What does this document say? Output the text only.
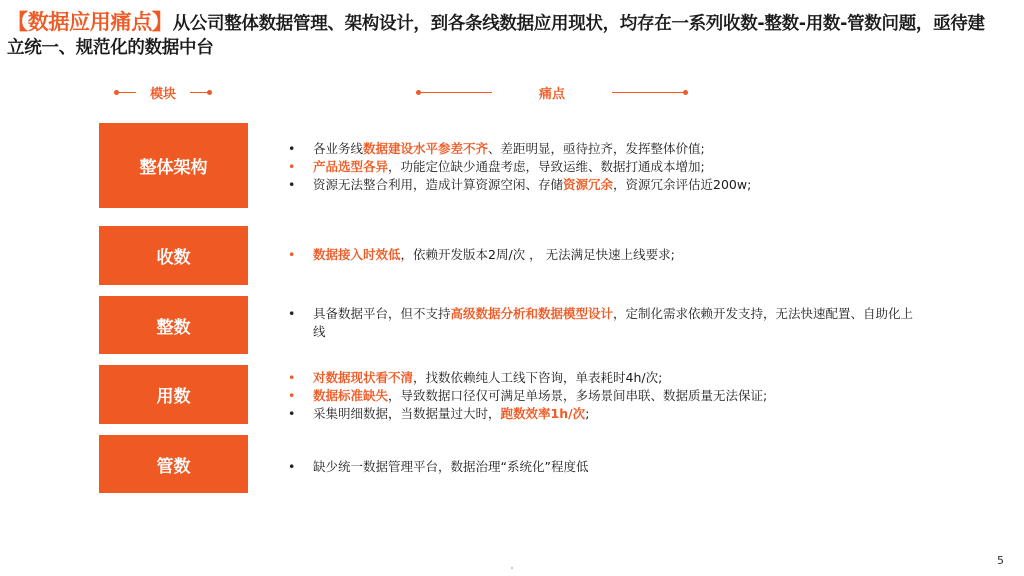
【数据应用痛点】从公司整体数据管理、架构设计，到各条线数据应用现状，均存在一系列收数-整数-用数-管数问题，亟待建立统一、规范化的数据中台
模块	痛点
整体架构
收数
整数
用数
管数
• 各业务线数据建设水平参差不齐、差距明显，亟待拉齐，发挥整体价值;
• 产品选型各异，功能定位缺少通盘考虑，导致运维、数据打通成本增加;
• 资源无法整合利用，造成计算资源空闲、存储资源冗余，资源冗余评估近200w;
• 数据接入时效低，依赖开发版本2周/次 ， 无法满足快速上线要求;
• 具备数据平台，但不支持高级数据分析和数据模型设计，定制化需求依赖开发支持，无法快速配置、自助化上线
• 对数据现状看不清，找数依赖纯人工线下咨询，单表耗时4h/次;
• 数据标准缺失，导致数据口径仅可满足单场景，多场景间串联、数据质量无法保证;
• 采集明细数据，当数据量过大时，跑数效率1h/次;
• 缺少统一数据管理平台，数据治理“系统化”程度低
5
